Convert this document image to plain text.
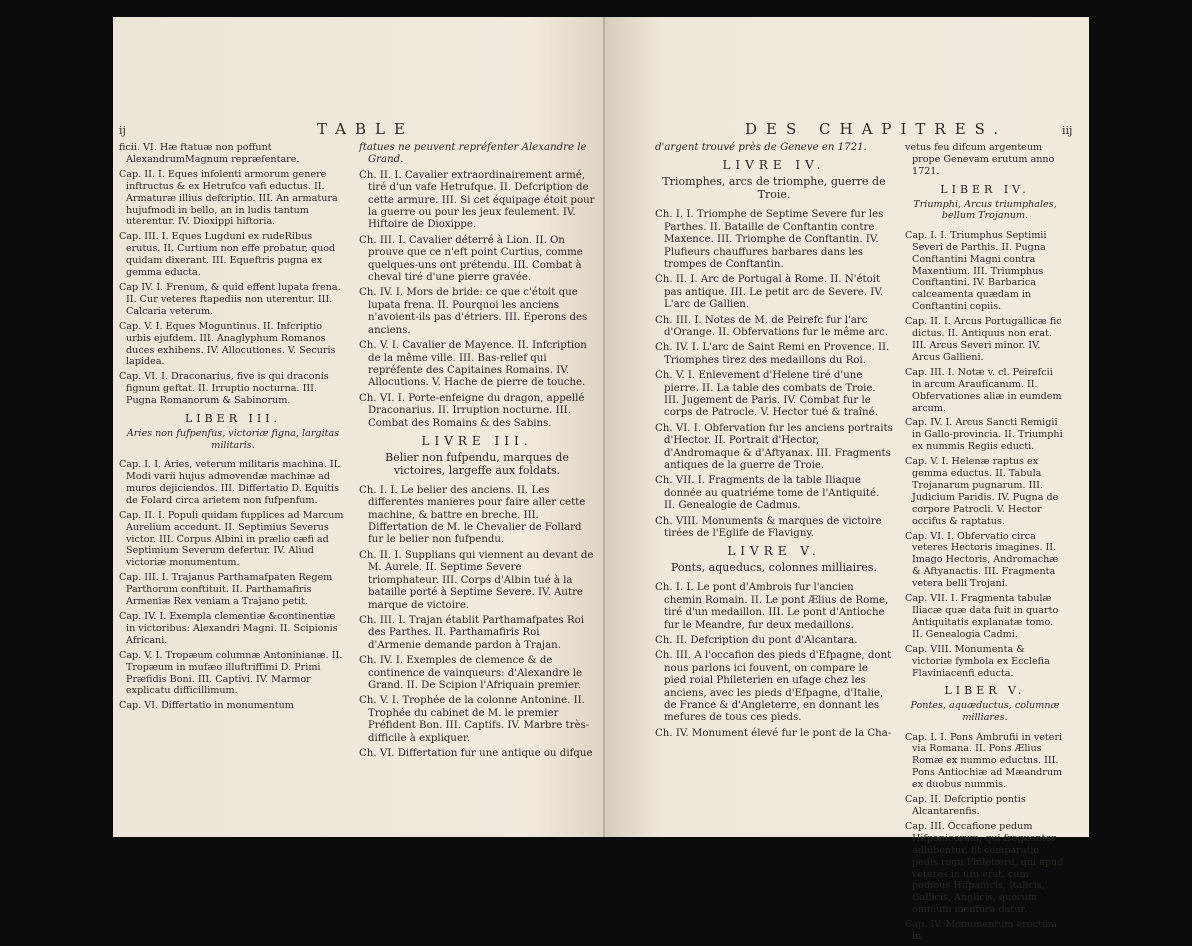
ij	TABLE
ficii. VI. Hæ ftatuæ non poffunt AlexandrumMagnum repræfentare.
Cap. II. I. Eques infolenti armorum genere inftructus & ex Hetrufco vafi eductus. II. Armaturæ illius defcriptio. III. An armatura hujufmodi in bello, an in ludis tantum uterentur. IV. Dioxippi hiftoria.
Cap. III. I. Eques Lugduni ex rudeRibus erutus. II. Curtium non effe probatur, quod quidam dixerant. III. Equeftris pugna ex gemma educta.
Cap IV. I. Frenum, & quid effent lupata frena. II. Cur veteres ftapediis non uterentur. III. Calcaria veterum.
Cap. V. I. Eques Moguntinus. II. Infcriptio urbis ejufdem. III. Anaglyphum Romanos duces exhibens. IV. Allocutiones. V. Securis lapidea.
Cap. VI. I. Draconarius, five is qui draconis fignum geftat. II. Irruptio nocturna. III. Pugna Romanorum & Sabinorum.
LIBER III.
Aries non fufpenfus, victoriæ figna, largitas militaris.
Cap. I. I. Aries, veterum militaris machina. II. Modi varii hujus admovendæ machinæ ad muros dejiciendos. III. Differtatio D. Equitis de Folard circa arietem non fufpenfum.
Cap. II. I. Populi quidam fupplices ad Marcum Aurelium accedunt. II. Septimius Severus victor. III. Corpus Albini in prælio cæfi ad Septimium Severum defertur. IV. Aliud victoriæ monumentum.
Cap. III. I. Trajanus Parthamafpaten Regem Parthorum conftituit. II. Parthamafiris Armeniæ Rex veniam a Trajano petit.
Cap. IV. I. Exempla clementiæ &continentiæ in victoribus: Alexandri Magni. II. Scipionis Africani.
Cap. V. I. Tropæum columnæ Antoninianæ. II. Tropæum in mufæo illuftriffimi D. Primi Præfidis Boni. III. Captivi. IV. Marmor explicatu difficillimum.
Cap. VI. Differtatio in monumentum
ftatues ne peuvent repréfenter Alexandre le Grand.
Ch. II. I. Cavalier extraordinairement armé, tiré d'un vafe Hetrufque. II. Defcription de cette armure. III. Si cet équipage étoit pour la guerre ou pour les jeux feulement. IV. Hiftoire de Dioxippe.
Ch. III. I. Cavalier déterré à Lion. II. On prouve que ce n'eft point Curtius, comme quelques-uns ont prétendu. III. Combat à cheval tiré d'une pierre gravée.
Ch. IV. I. Mors de bride: ce que c'étoit que lupata frena. II. Pourquoi les anciens n'avoient-ils pas d'étriers. III. Eperons des anciens.
Ch. V. I. Cavalier de Mayence. II. Infcription de la même ville. III. Bas-relief qui repréfente des Capitaines Romains. IV. Allocutions. V. Hache de pierre de touche.
Ch. VI. I. Porte-enfeigne du dragon, appellé Draconarius. II. Irruption nocturne. III. Combat des Romains & des Sabins.
LIVRE III.
Belier non fufpendu, marques de victoires, largeffe aux foldats.
Ch. I. I. Le belier des anciens. II. Les differentes manieres pour faire aller cette machine, & battre en breche. III. Differtation de M. le Chevalier de Follard fur le belier non fufpendu.
Ch. II. I. Supplians qui viennent au devant de M. Aurele. II. Septime Severe triomphateur. III. Corps d'Albin tué à la bataille porté à Septime Severe. IV. Autre marque de victoire.
Ch. III. I. Trajan établit Parthamafpates Roi des Parthes. II. Parthamafiris Roi d'Armenie demande pardon à Trajan.
Ch. IV. I. Exemples de clemence & de continence de vainqueurs: d'Alexandre le Grand. II. De Scipion l'Afriquain premier.
Ch. V. I. Trophée de la colonne Antonine. II. Trophée du cabinet de M. le premier Préfident Bon. III. Captifs. IV. Marbre très-difficile à expliquer.
Ch. VI. Differtation fur une antique ou difque
DES CHAPITRES.	iij
d'argent trouvé près de Geneve en 1721.
LIVRE IV.
Triomphes, arcs de triomphe, guerre de Troie.
Ch. I. I. Triomphe de Septime Severe fur les Parthes. II. Bataille de Conftantin contre Maxence. III. Triomphe de Conftantin. IV. Plufieurs chauffures barbares dans les trompes de Conftantin.
Ch. II. I. Arc de Portugal à Rome. II. N'étoit pas antique. III. Le petit arc de Severe. IV. L'arc de Gallien.
Ch. III. I. Notes de M. de Peirefc fur l'arc d'Orange. II. Obfervations fur le même arc.
Ch. IV. I. L'arc de Saint Remi en Provence. II. Triomphes tirez des medaillons du Roi.
Ch. V. I. Enlevement d'Helene tiré d'une pierre. II. La table des combats de Troie. III. Jugement de Paris. IV. Combat fur le corps de Patrocle. V. Hector tué & traîné.
Ch. VI. I. Obfervation fur les anciens portraits d'Hector. II. Portrait d'Hector, d'Andromaque & d'Aftyanax. III. Fragments antiques de la guerre de Troie.
Ch. VII. I. Fragments de la table Iliaque donnée au quatriéme tome de l'Antiquité. II. Genealogie de Cadmus.
Ch. VIII. Monuments & marques de victoire tirées de l'Eglife de Flavigny.
LIVRE V.
Ponts, aqueducs, colonnes milliaires.
Ch. I. I. Le pont d'Ambrois fur l'ancien chemin Romain. II. Le pont Ælius de Rome, tiré d'un medaillon. III. Le pont d'Antioche fur le Meandre, fur deux medaillons.
Ch. II. Defcription du pont d'Alcantara.
Ch. III. A l'occafion des pieds d'Efpagne, dont nous parlons ici fouvent, on compare le pied roial Phileterien en ufage chez les anciens, avec les pieds d'Efpagne, d'Italie, de France & d'Angleterre, en donnant les mefures de tous ces pieds.
Ch. IV. Monument élevé fur le pont de la Cha-
vetus feu difcum argenteum prope Genevam erutum anno 1721.
LIBER IV.
Triumphi, Arcus triumphales, bellum Trojanum.
Cap. I. I. Triumphus Septimii Severi de Parthis. II. Pugna Conftantini Magni contra Maxentium. III. Triumphus Conftantini. IV. Barbarica calceamenta quædam in Conftantini copiis.
Cap. II. I. Arcus Portugallicæ fic dictus. II. Antiquus non erat. III. Arcus Severi minor. IV. Arcus Gallieni.
Cap. III. I. Notæ v. cl. Peirefcii in arcum Araufícanum. II. Obfervationes aliæ in eumdem arcum.
Cap. IV. I. Arcus Sancti Remigii in Gallo-provincia. II. Triumphi ex nummis Regiis educti.
Cap. V. I. Helenæ raptus ex gemma eductus. II. Tabula Trojanarum pugnarum. III. Judicium Paridis. IV. Pugna de corpore Patrocli. V. Hector occifus & raptatus.
Cap. VI. I. Obfervatio circa veteres Hectoris imagines. II. Imago Hectoris, Andromachæ & Aftyanactis. III. Fragmenta vetera belli Trojani.
Cap. VII. I. Fragmenta tabulæ Iliacæ quæ data fuit in quarto Antiquitatis explanatæ tomo. II. Genealogia Cadmi.
Cap. VIII. Monumenta & victoriæ fymbola ex Ecclefia Flaviniacenfi educta.
LIBER V.
Pontes, aquæductus, columnæ milliares.
Cap. I. I. Pons Ambrufii in veteri via Romana. II. Pons Ælius Romæ ex nummo eductus. III. Pons Antiochiæ ad Mæandrum ex duobus nummis.
Cap. II. Defcriptio pontis Alcantarenfis.
Cap. III. Occafione pedum Hifpanicorum, qui frequenter adhibentur, fit comparatio pedis regii Philetærii, qui apud veteres in ufu erat, cum pedibus Hifpanicis, Italicis, Gallicis, Anglicis, quorum omnium menfura datur.
Cap. IV. Monumentum erectum in
